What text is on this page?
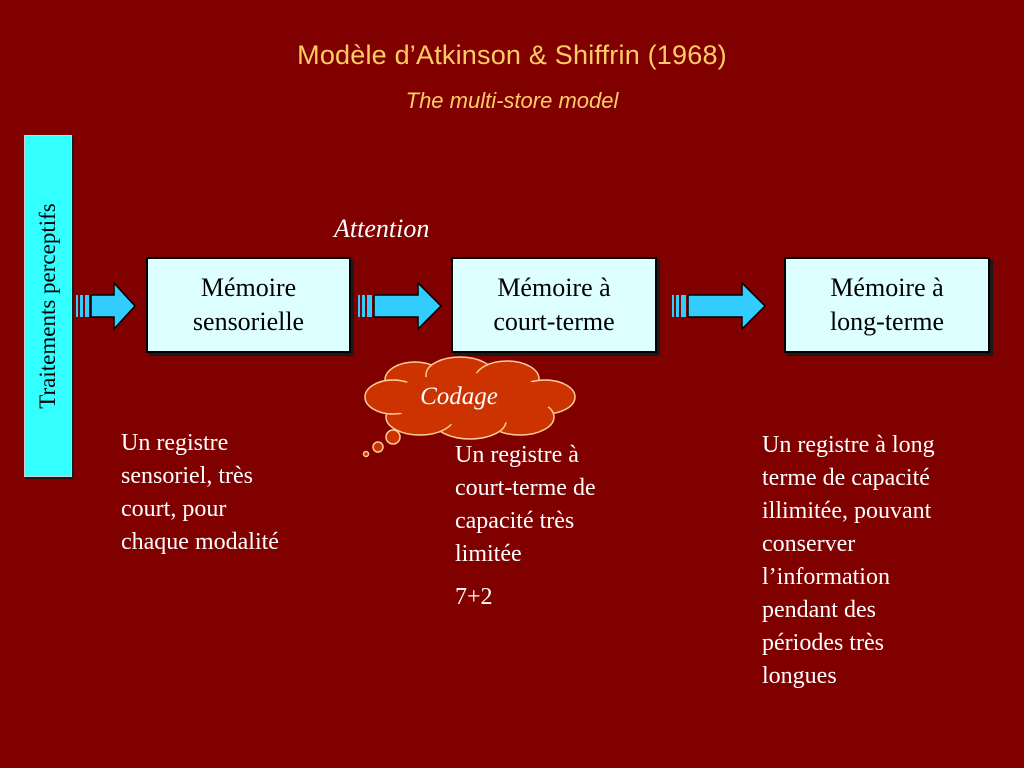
Modèle d’Atkinson & Shiffrin (1968)
The multi-store model
Traitements perceptifs	Mémoire
sensorielle
Attention
Mémoire à
court-terme
Mémoire à
long-terme
Codage
Un registre
sensoriel, très
court, pour
chaque modalité
Un registre à
court-terme de
capacité très
limitée
7+2
Un registre à long
terme de capacité
illimitée, pouvant
conserver
l’information
pendant des
périodes très
longues
